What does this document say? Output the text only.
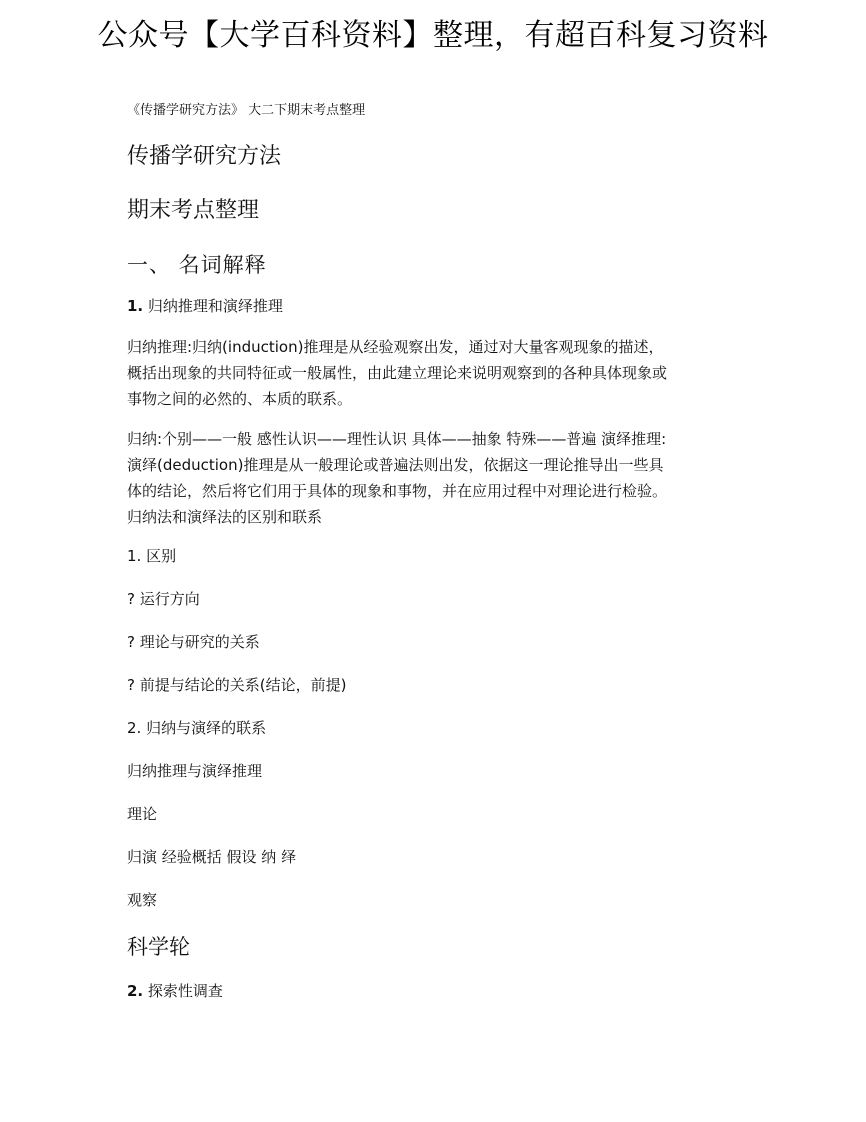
公众号【大学百科资料】整理，有超百科复习资料
《传播学研究方法》 大二下期末考点整理
传播学研究方法
期末考点整理
一、 名词解释
1. 归纳推理和演绎推理
归纳推理:归纳(induction)推理是从经验观察出发，通过对大量客观现象的描述，
概括出现象的共同特征或一般属性，由此建立理论来说明观察到的各种具体现象或
事物之间的必然的、本质的联系。
归纳:个别——一般 感性认识——理性认识 具体——抽象 特殊——普遍 演绎推理:
演绎(deduction)推理是从一般理论或普遍法则出发，依据这一理论推导出一些具
体的结论，然后将它们用于具体的现象和事物，并在应用过程中对理论进行检验。
归纳法和演绎法的区别和联系
1. 区别
? 运行方向
? 理论与研究的关系
? 前提与结论的关系(结论，前提)
2. 归纳与演绎的联系
归纳推理与演绎推理
理论
归演 经验概括 假设 纳 绎
观察
科学轮
2. 探索性调查
